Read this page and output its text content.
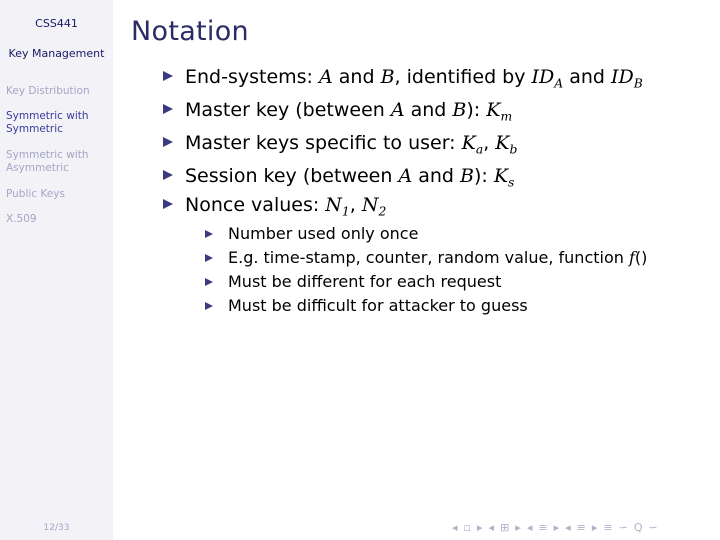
CSS441
Key Management
Key Distribution
Symmetric with
Symmetric
Symmetric with
Asymmetric
Public Keys
X.509
12/33
Notation
End-systems: A and B, identified by $ID_A$ and $ID_B$
Master key (between A and B): $K_m$
Master keys specific to user: $K_a$, $K_b$
Session key (between A and B): $K_s$
Nonce values: $N_1$, $N_2$
Number used only once
E.g. time-stamp, counter, random value, function f()
Must be different for each request
Must be difficult for attacker to guess
◂ ▫ ▸ ◂ ⊞ ▸ ◂ ≡ ▸ ◂ ≡ ▸ ≡ ∽ Q ∽
